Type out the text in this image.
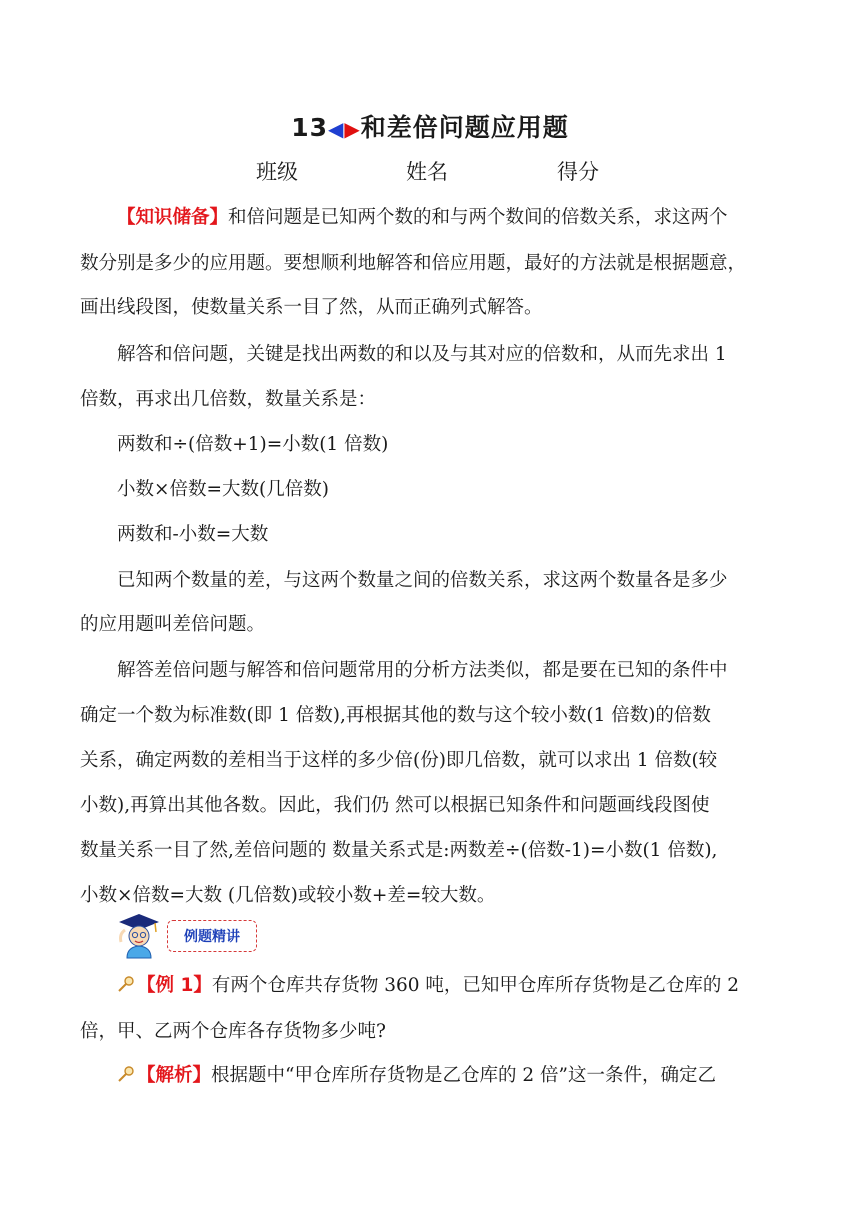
13◀▶和差倍问题应用题
班级	姓名	得分
【知识储备】和倍问题是已知两个数的和与两个数间的倍数关系，求这两个
数分别是多少的应用题。要想顺利地解答和倍应用题，最好的方法就是根据题意，
画出线段图，使数量关系一目了然，从而正确列式解答。
解答和倍问题，关键是找出两数的和以及与其对应的倍数和，从而先求出 1
倍数，再求出几倍数，数量关系是：
两数和÷(倍数+1)=小数(1 倍数)
小数×倍数=大数(几倍数)
两数和-小数=大数
已知两个数量的差，与这两个数量之间的倍数关系，求这两个数量各是多少
的应用题叫差倍问题。
解答差倍问题与解答和倍问题常用的分析方法类似，都是要在已知的条件中
确定一个数为标准数(即 1 倍数),再根据其他的数与这个较小数(1 倍数)的倍数
关系，确定两数的差相当于这样的多少倍(份)即几倍数，就可以求出 1 倍数(较
小数),再算出其他各数。因此，我们仍 然可以根据已知条件和问题画线段图使
数量关系一目了然,差倍问题的 数量关系式是:两数差÷(倍数-1)=小数(1 倍数),
小数×倍数=大数 (几倍数)或较小数+差=较大数。
例题精讲
【例 1】有两个仓库共存货物 360 吨，已知甲仓库所存货物是乙仓库的 2
倍，甲、乙两个仓库各存货物多少吨?
【解析】根据题中“甲仓库所存货物是乙仓库的 2 倍”这一条件，确定乙
